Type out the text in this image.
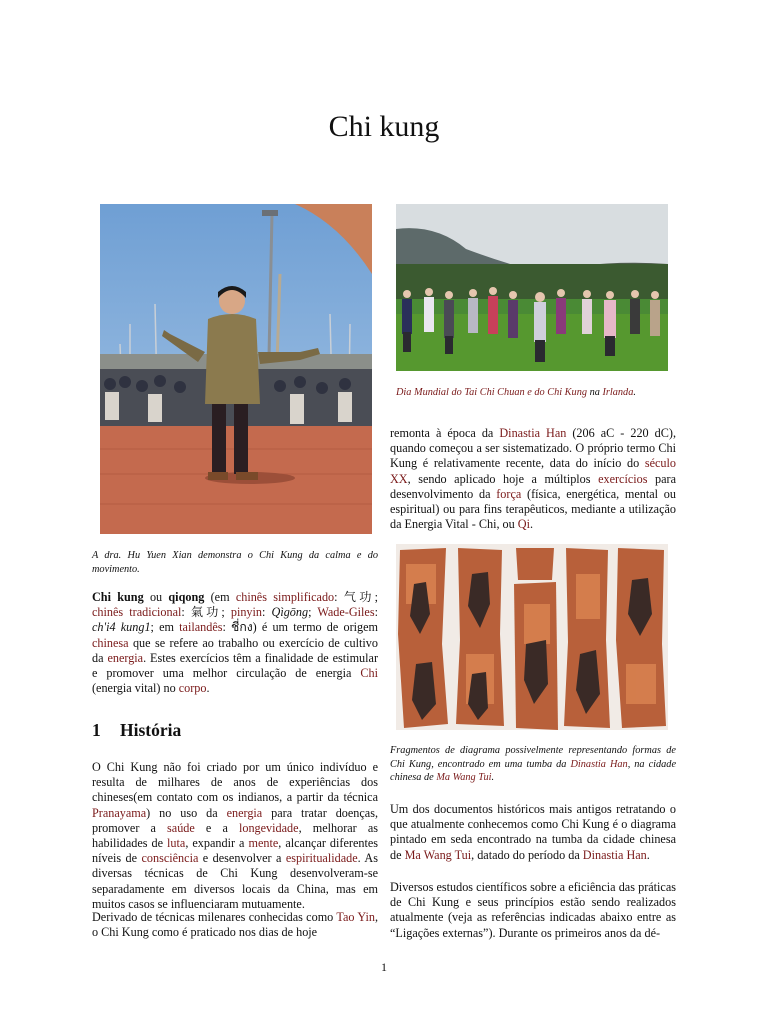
Chi kung
Dia Mundial do Tai Chi Chuan e do Chi Kung na Irlanda.
A dra. Hu Yuen Xian demonstra o Chi Kung da calma e do movimento.
Fragmentos de diagrama possivelmente representando formas de Chi Kung, encontrado em uma tumba da Dinastia Han, na cidade chinesa de Ma Wang Tui.

Chi kung ou qiqong (em chinês simplificado: 气功; chinês tradicional: 氣功; pinyin: Qìgōng; Wade-Giles: ch'i4 kung1; em tailandês: ชี่กง) é um termo de origem chinesa que se refere ao trabalho ou exercício de cultivo da energia. Estes exercícios têm a finalidade de estimular e promover uma melhor circulação de energia Chi (energia vital) no corpo.

1 História

O Chi Kung não foi criado por um único indivíduo e resulta de milhares de anos de experiências dos chineses(em contato com os indianos, a partir da técnica Pranayama) no uso da energia para tratar doenças, promover a saúde e a longevidade, melhorar as habilidades de luta, expandir a mente, alcançar diferentes níveis de consciência e desenvolver a espiritualidade. As diversas técnicas de Chi Kung desenvolveram-se separadamente em diversos locais da China, mas em muitos casos se influenciaram mutuamente.

Derivado de técnicas milenares conhecidas como Tao Yin, o Chi Kung como é praticado nos dias de hoje

remonta à época da Dinastia Han (206 aC - 220 dC), quando começou a ser sistematizado. O próprio termo Chi Kung é relativamente recente, data do início do século XX, sendo aplicado hoje a múltiplos exercícios para desenvolvimento da força (física, energética, mental ou espiritual) ou para fins terapêuticos, mediante a utilização da Energia Vital - Chi, ou Qi.

Um dos documentos históricos mais antigos retratando o que atualmente conhecemos como Chi Kung é o diagrama pintado em seda encontrado na tumba da cidade chinesa de Ma Wang Tui, datado do período da Dinastia Han.

Diversos estudos científicos sobre a eficiência das práticas de Chi Kung e seus princípios estão sendo realizados atualmente (veja as referências indicadas abaixo entre as “Ligações externas”). Durante os primeiros anos da dé-

1
